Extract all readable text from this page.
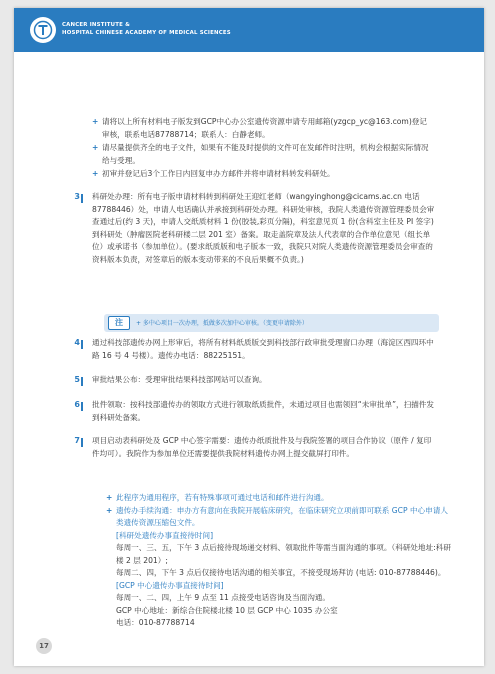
CANCER INSTITUTE &
HOSPITAL CHINESE ACADEMY OF MEDICAL SCIENCES
+ 请将以上所有材料电子版发到GCP中心办公室遗传资源申请专用邮箱(yzgcp_yc@163.com)登记审核，联系电话87788714；联系人：白静老师。
+ 请尽量提供齐全的电子文件，如果有不能及时提供的文件可在发邮件时注明，机构会根据实际情况给与受理。
+ 初审并登记后3个工作日内回复申办方邮件并将申请材料转发科研处。
3 科研处办理：所有电子版申请材料转到科研处王迎红老师（wangyinghong@cicams.ac.cn 电话 87788446）处，申请人电话确认并承接到科研处办理。科研处审核，我院人类遗传资源管理委员会审查通过后(约 3 天)，申请人交纸质材料 1 份(胶装,彩页分隔)，科室意见页 1 份(含科室主任及 PI 签字) 到科研处（肿瘤医院老科研楼二层 201 室）备案。取走盖院章及法人代表章的合作单位意见（组长单位）或承诺书（参加单位）。(要求纸质版和电子版本一致，我院只对院人类遗传资源管理委员会审查的资料版本负责，对签章后的版本变动带来的不良后果概不负责。)
注	+ 多中心项目一次办理，抵做多次加中心审核。（变更申请除外）
4 通过科技部遗传办网上形审后，将所有材料纸质版交到科技部行政审批受理窗口办理（海淀区西四环中路 16 号 4 号楼）。遗传办电话：88225151。
5 审批结果公布：受理审批结果科技部网站可以查询。
6 批件领取：按科技部遗传办的领取方式进行领取纸质批件，未通过项目也需领回“未审批单”，扫描件发到科研处备案。
7 项目启动表科研处及 GCP 中心签字需要：遗传办纸质批件及与我院签署的项目合作协议（原件 / 复印件均可）。我院作为参加单位还需要提供我院材料遗传办网上提交截屏打印件。
+ 此程序为通用程序，若有特殊事项可通过电话和邮件进行沟通。
+ 遗传办手续沟通：申办方有意向在我院开展临床研究，在临床研究立项前即可联系 GCP 中心申请人类遗传资源压缩包文件。
[科研处遗传办事直接待时间]
每周一、三、五，下午 3 点后接待现场递交材料、领取批件等需当面沟通的事项。（科研处地址:科研楼 2 层 201）;
每周二、四，下午 3 点后仅接待电话沟通的相关事宜，不接受现场拜访 (电话: 010-87788446)。
[GCP 中心遗传办事直接待时间]
每周一、二、四，上午 9 点至 11 点接受电话咨询及当面沟通。
GCP 中心地址：新综合住院楼北楼 10 层 GCP 中心 1035 办公室
电话：010-87788714
17
